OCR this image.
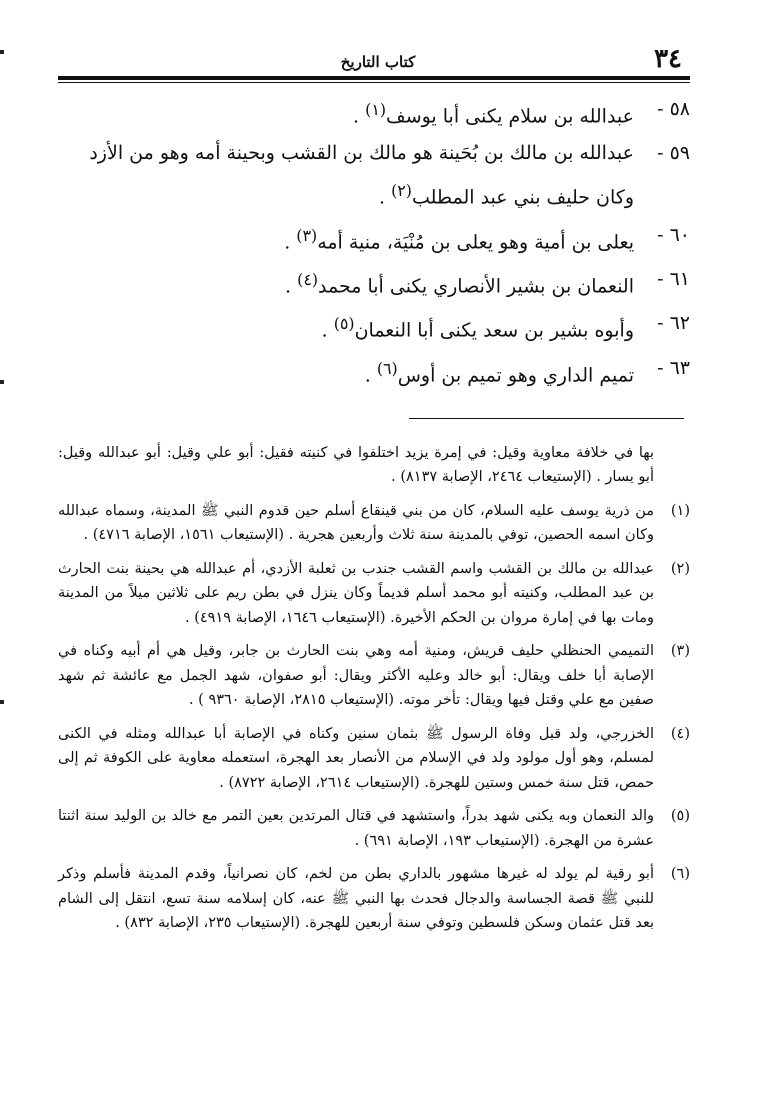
٣٤
كتاب التاريخ
٥٨ -
عبدالله بن سلام يكنى أبا يوسف$^{(١)}$ .
٥٩ -
عبدالله بن مالك بن بُحَينة هو مالك بن القشب وبحينة أمه وهو من الأزد وكان حليف بني عبد المطلب$^{(٢)}$ .
٦٠ -
يعلى بن أمية وهو يعلى بن مُنْيَة، منية أمه$^{(٣)}$ .
٦١ -
النعمان بن بشير الأنصاري يكنى أبا محمد$^{(٤)}$ .
٦٢ -
وأبوه بشير بن سعد يكنى أبا النعمان$^{(٥)}$ .
٦٣ -
تميم الداري وهو تميم بن أوس$^{(٦)}$ .
بها في خلافة معاوية وقيل: في إمرة يزيد اختلفوا في كنيته فقيل: أبو علي وقيل: أبو عبدالله وقيل: أبو يسار . (الإستيعاب ٢٤٦٤، الإصابة ٨١٣٧) .
(١)
من ذرية يوسف عليه السلام، كان من بني قينقاع أسلم حين قدوم النبي ﷺ المدينة، وسماه عبدالله وكان اسمه الحصين، توفي بالمدينة سنة ثلاث وأربعين هجرية . (الإستيعاب ١٥٦١، الإصابة ٤٧١٦) .
(٢)
عبدالله بن مالك بن القشب واسم القشب جندب بن ثعلبة الأزدي، أم عبدالله هي بحينة بنت الحارث بن عبد المطلب، وكنيته أبو محمد أسلم قديماً وكان ينزل في بطن ريم على ثلاثين ميلاً من المدينة ومات بها في إمارة مروان بن الحكم الأخيرة. (الإستيعاب ١٦٤٦، الإصابة ٤٩١٩) .
(٣)
التميمي الحنظلي حليف قريش، ومنية أمه وهي بنت الحارث بن جابر، وقيل هي أم أبيه وكناه في الإصابة أبا خلف ويقال: أبو خالد وعليه الأكثر ويقال: أبو صفوان، شهد الجمل مع عائشة ثم شهد صفين مع علي وقتل فيها ويقال: تأخر موته. (الإستيعاب ٢٨١٥، الإصابة ٩٣٦٠ ) .
(٤)
الخزرجي، ولد قبل وفاة الرسول ﷺ بثمان سنين وكناه في الإصابة أبا عبدالله ومثله في الكنى لمسلم، وهو أول مولود ولد في الإسلام من الأنصار بعد الهجرة، استعمله معاوية على الكوفة ثم إلى حمص، قتل سنة خمس وستين للهجرة. (الإستيعاب ٢٦١٤، الإصابة ٨٧٢٢) .
(٥)
والد النعمان وبه يكنى شهد بدراً، واستشهد في قتال المرتدين بعين التمر مع خالد بن الوليد سنة اثنتا عشرة من الهجرة. (الإستيعاب ١٩٣، الإصابة ٦٩١) .
(٦)
أبو رقية لم يولد له غيرها مشهور بالداري بطن من لخم، كان نصرانياً، وقدم المدينة فأسلم وذكر للنبي ﷺ قصة الجساسة والدجال فحدث بها النبي ﷺ عنه، كان إسلامه سنة تسع، انتقل إلى الشام بعد قتل عثمان وسكن فلسطين وتوفي سنة أربعين للهجرة. (الإستيعاب ٢٣٥، الإصابة ٨٣٢) .
